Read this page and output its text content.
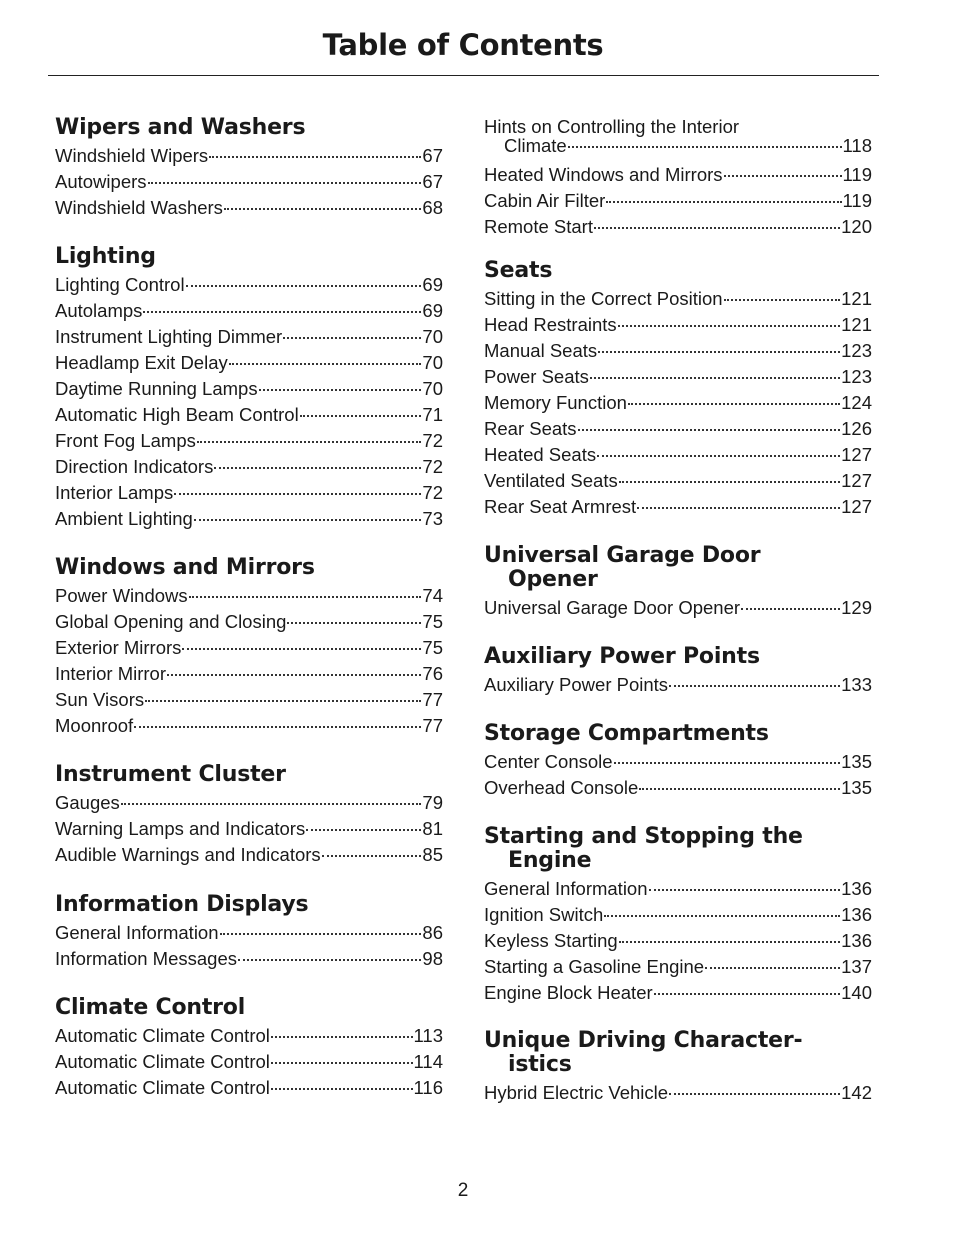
Table of Contents
Wipers and Washers
Windshield Wipers	67
Autowipers	67
Windshield Washers	68
Lighting
Lighting Control	69
Autolamps	69
Instrument Lighting Dimmer	70
Headlamp Exit Delay	70
Daytime Running Lamps	70
Automatic High Beam Control	71
Front Fog Lamps	72
Direction Indicators	72
Interior Lamps	72
Ambient Lighting	73
Windows and Mirrors
Power Windows	74
Global Opening and Closing	75
Exterior Mirrors	75
Interior Mirror	76
Sun Visors	77
Moonroof	77
Instrument Cluster
Gauges	79
Warning Lamps and Indicators	81
Audible Warnings and Indicators	85
Information Displays
General Information	86
Information Messages	98
Climate Control
Automatic Climate Control	113
Automatic Climate Control	114
Automatic Climate Control	116
Hints on Controlling the Interior
Climate	118
Heated Windows and Mirrors	119
Cabin Air Filter	119
Remote Start	120
Seats
Sitting in the Correct Position	121
Head Restraints	121
Manual Seats	123
Power Seats	123
Memory Function	124
Rear Seats	126
Heated Seats	127
Ventilated Seats	127
Rear Seat Armrest	127
Universal Garage Door
Opener
Universal Garage Door Opener	129
Auxiliary Power Points
Auxiliary Power Points	133
Storage Compartments
Center Console	135
Overhead Console	135
Starting and Stopping the
Engine
General Information	136
Ignition Switch	136
Keyless Starting	136
Starting a Gasoline Engine	137
Engine Block Heater	140
Unique Driving Character-
istics
Hybrid Electric Vehicle	142
2
